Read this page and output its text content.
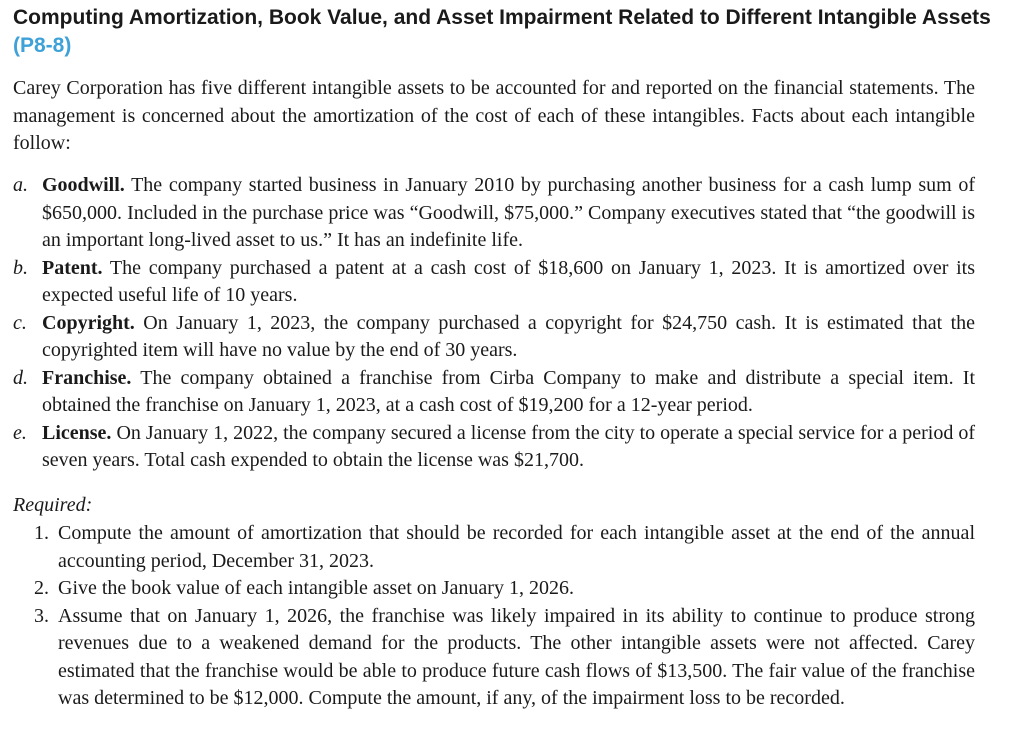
Computing Amortization, Book Value, and Asset Impairment Related to Different Intangible Assets (P8-8)

Carey Corporation has five different intangible assets to be accounted for and reported on the financial statements. The management is concerned about the amortization of the cost of each of these intangibles. Facts about each intangible follow:

a. Goodwill. The company started business in January 2010 by purchasing another business for a cash lump sum of $650,000. Included in the purchase price was “Goodwill, $75,000.” Company executives stated that “the goodwill is an important long-lived asset to us.” It has an indefinite life.
b. Patent. The company purchased a patent at a cash cost of $18,600 on January 1, 2023. It is amortized over its expected useful life of 10 years.
c. Copyright. On January 1, 2023, the company purchased a copyright for $24,750 cash. It is estimated that the copyrighted item will have no value by the end of 30 years.
d. Franchise. The company obtained a franchise from Cirba Company to make and distribute a special item. It obtained the franchise on January 1, 2023, at a cash cost of $19,200 for a 12-year period.
e. License. On January 1, 2022, the company secured a license from the city to operate a special service for a period of seven years. Total cash expended to obtain the license was $21,700.

Required:

1. Compute the amount of amortization that should be recorded for each intangible asset at the end of the annual accounting period, December 31, 2023.
2. Give the book value of each intangible asset on January 1, 2026.
3. Assume that on January 1, 2026, the franchise was likely impaired in its ability to continue to produce strong revenues due to a weakened demand for the products. The other intangible assets were not affected. Carey estimated that the franchise would be able to produce future cash flows of $13,500. The fair value of the franchise was determined to be $12,000. Compute the amount, if any, of the impairment loss to be recorded.
